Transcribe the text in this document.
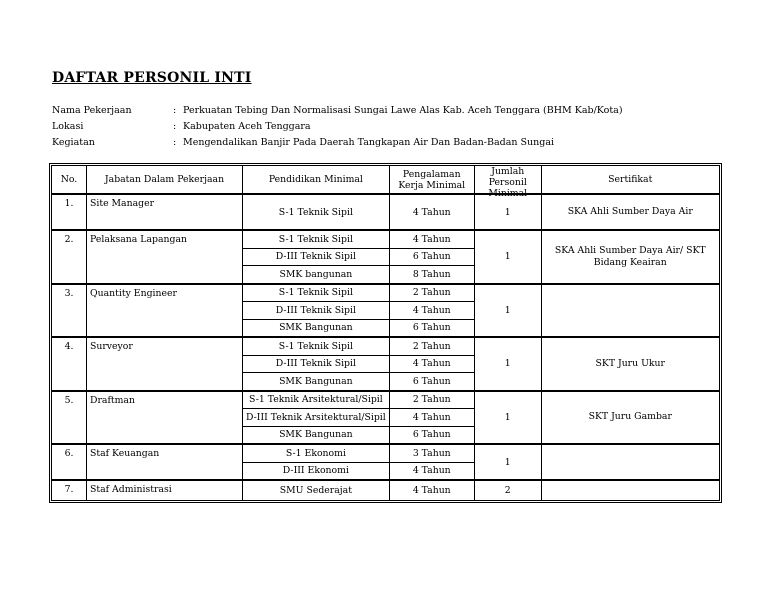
DAFTAR PERSONIL INTI
Nama Pekerjaan	: Perkuatan Tebing Dan Normalisasi Sungai Lawe Alas Kab. Aceh Tenggara (BHM Kab/Kota)
Lokasi	: Kabupaten Aceh Tenggara
Kegiatan	: Mengendalikan Banjir Pada Daerah Tangkapan Air Dan Badan-Badan Sungai
No.	Jabatan Dalam Pekerjaan	Pendidikan Minimal	Pengalaman Kerja Minimal	Jumlah Personil Minimal	Sertifikat
1.	Site Manager	S-1 Teknik Sipil	4 Tahun	1	SKA Ahli Sumber Daya Air

2.	Pelaksana Lapangan	S-1 Teknik Sipil	4 Tahun	1	SKA Ahli Sumber Daya Air/ SKT Bidang Keairan
		D-III Teknik Sipil	6 Tahun		
		SMK bangunan	8 Tahun		
3.	Quantity Engineer	S-1 Teknik Sipil	2 Tahun	1	
		D-III Teknik Sipil	4 Tahun		
		SMK Bangunan	6 Tahun		
4.	Surveyor	S-1 Teknik Sipil	2 Tahun	1	SKT Juru Ukur
		D-III Teknik Sipil	4 Tahun		
		SMK Bangunan	6 Tahun		
5.	Draftman	S-1 Teknik Arsitektural/Sipil	2 Tahun	1	SKT Juru Gambar
		D-III Teknik Arsitektural/Sipil	4 Tahun		
		SMK Bangunan	6 Tahun		
6.	Staf Keuangan	S-1 Ekonomi	3 Tahun	1	
		D-III Ekonomi	4 Tahun		
7.	Staf Administrasi	SMU Sederajat	4 Tahun	2	
